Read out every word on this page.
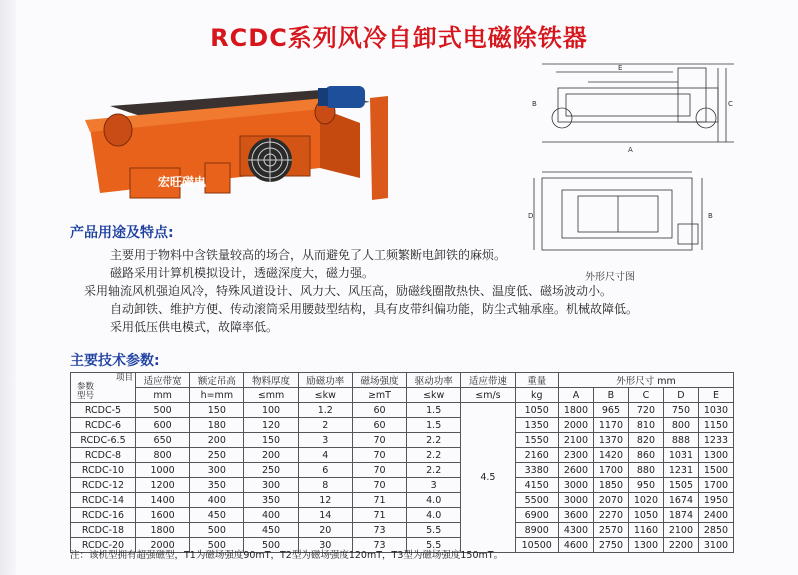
RCDC系列风冷自卸式电磁除铁器
宏旺磁电
E
C
A
B
D	B
外形尺寸图
产品用途及特点:
主要用于物料中含铁量较高的场合，从而避免了人工频繁断电卸铁的麻烦。
磁路采用计算机模拟设计，透磁深度大，磁力强。
采用轴流风机强迫风冷，特殊风道设计、风力大、风压高，励磁线圈散热快、温度低、磁场波动小。
自动卸铁、维护方便、传动滚筒采用腰鼓型结构，具有皮带纠偏功能，防尘式轴承座。机械故障低。
采用低压供电模式，故障率低。
主要技术参数:
项目
参数
型号	适应带宽	额定吊高	物料厚度	励磁功率	磁场强度	驱动功率	适应带速	重量	外形尺寸 mm				
	mm	h=mm	≤mm	≤kw	≥mT	≤kw	≤m/s	kg	A	B	C	D	E
RCDC-5	500	150	100	1.2	60	1.5	4.5	1050	1800	965	720	750	1030
RCDC-6	600	180	120	2	60	1.5		1350	2000	1170	810	800	1150
RCDC-6.5	650	200	150	3	70	2.2		1550	2100	1370	820	888	1233
RCDC-8	800	250	200	4	70	2.2		2160	2300	1420	860	1031	1300
RCDC-10	1000	300	250	6	70	2.2		3380	2600	1700	880	1231	1500
RCDC-12	1200	350	300	8	70	3		4150	3000	1850	950	1505	1700
RCDC-14	1400	400	350	12	71	4.0		5500	3000	2070	1020	1674	1950
RCDC-16	1600	450	400	14	71	4.0		6900	3600	2270	1050	1874	2400
RCDC-18	1800	500	450	20	73	5.5		8900	4300	2570	1160	2100	2850
RCDC-20	2000	500	500	30	73	5.5		10500	4600	2750	1300	2200	3100
注：该机型拥有超强磁型，T1为磁场强度90mT，T2型为磁场强度120mT，T3型为磁场强度150mT。
